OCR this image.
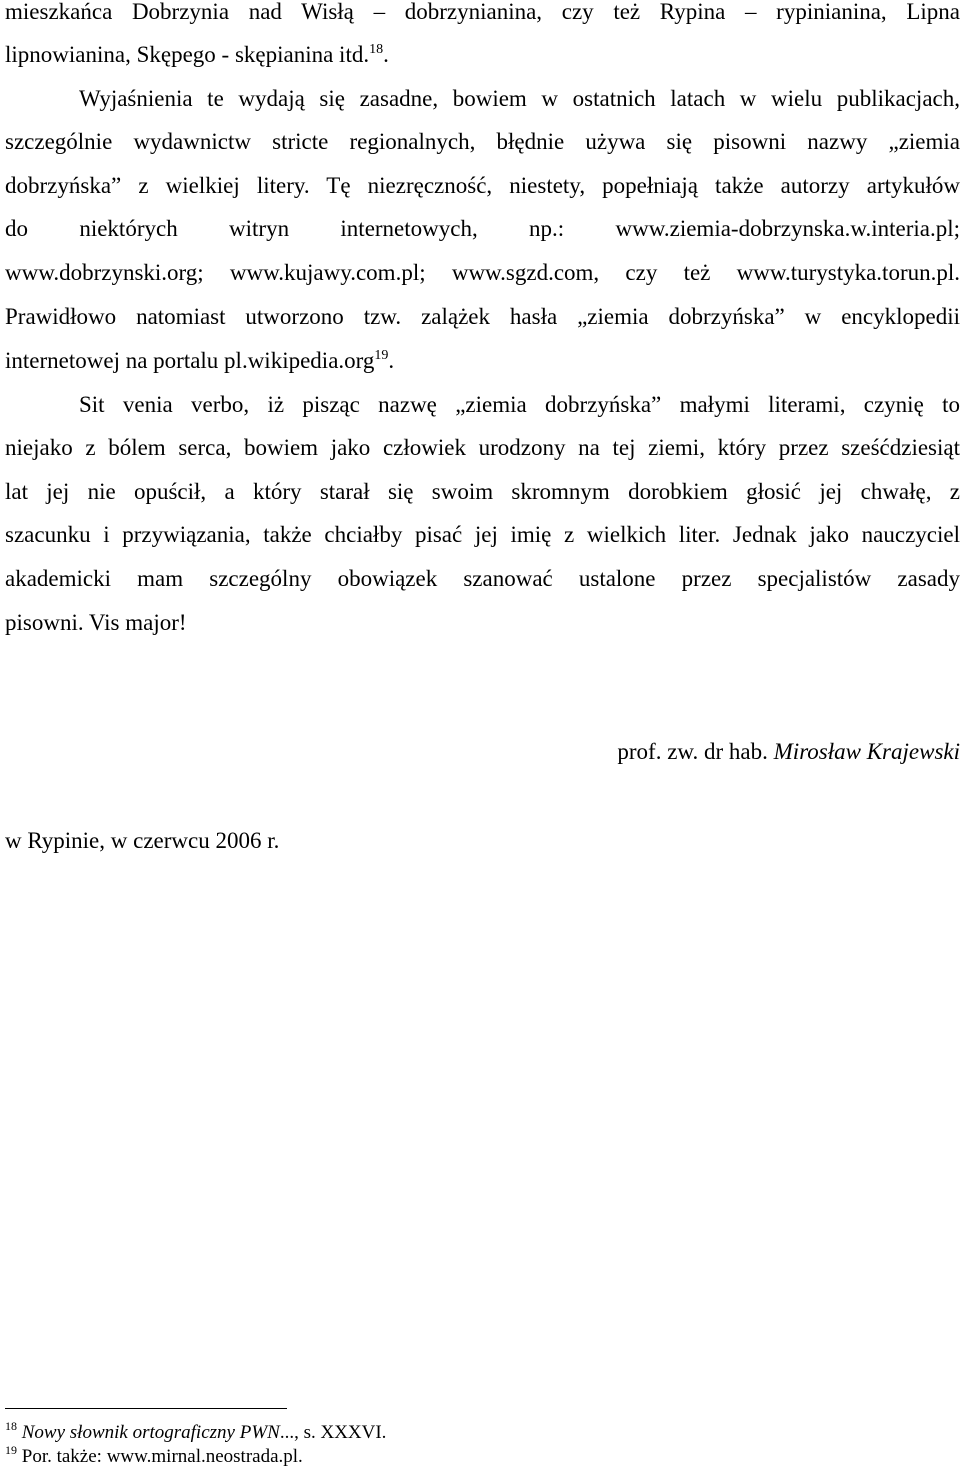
mieszkańca Dobrzynia nad Wisłą – dobrzynianina, czy też Rypina – rypinianina, Lipna
lipnowianina, Skępego - skępianina itd.$^{18}$.
Wyjaśnienia te wydają się zasadne, bowiem w ostatnich latach w wielu publikacjach,
szczególnie wydawnictw stricte regionalnych, błędnie używa się pisowni nazwy „ziemia
dobrzyńska” z wielkiej litery. Tę niezręczność, niestety, popełniają także autorzy artykułów
do niektórych witryn internetowych, np.: www.ziemia-dobrzynska.w.interia.pl;
www.dobrzynski.org; www.kujawy.com.pl; www.sgzd.com, czy też www.turystyka.torun.pl.
Prawidłowo natomiast utworzono tzw. zalążek hasła „ziemia dobrzyńska” w encyklopedii
internetowej na portalu pl.wikipedia.org$^{19}$.
Sit venia verbo, iż pisząc nazwę „ziemia dobrzyńska” małymi literami, czynię to
niejako z bólem serca, bowiem jako człowiek urodzony na tej ziemi, który przez sześćdziesiąt
lat jej nie opuścił, a który starał się swoim skromnym dorobkiem głosić jej chwałę, z
szacunku i przywiązania, także chciałby pisać jej imię z wielkich liter. Jednak jako nauczyciel
akademicki mam szczególny obowiązek szanować ustalone przez specjalistów zasady
pisowni. Vis major!
prof. zw. dr hab. Mirosław Krajewski
w Rypinie, w czerwcu 2006 r.
$^{18}$ Nowy słownik ortograficzny PWN..., s. XXXVI.
$^{19}$ Por. także: www.mirnal.neostrada.pl.
